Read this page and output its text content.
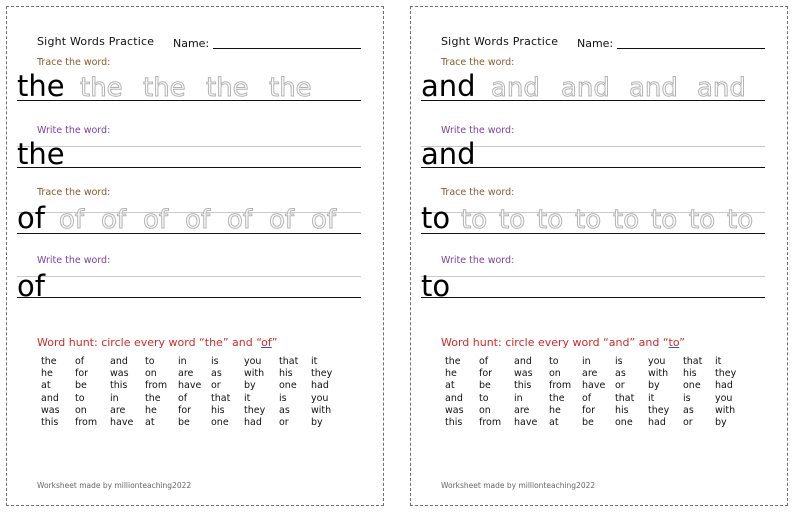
Sight Words Practice Name:
Trace the word:
the the the the the
Write the word:
the
Trace the word:
of of of of of of of of
Write the word:
of
Word hunt: circle every word “the” and “of”
the of	and to in	is	you that it
he for was on are as with his they
at	be this from have or by one had
and to	in	the of	that it	is	you
was on are he for his they as with
this from have at be one had or by
Worksheet made by millionteaching2022
Sight Words Practice Name:
Trace the word:
and and and and and
Write the word:
and
Trace the word:
to to to to to to to to to
Write the word:
to
Word hunt: circle every word “and” and “to”
the of	and to in	is	you that it
he for was on are as with his they
at	be this from have or by one had
and to	in	the of	that it	is	you
was on are he for his they as with
this from have at be one had or by
Worksheet made by millionteaching2022
